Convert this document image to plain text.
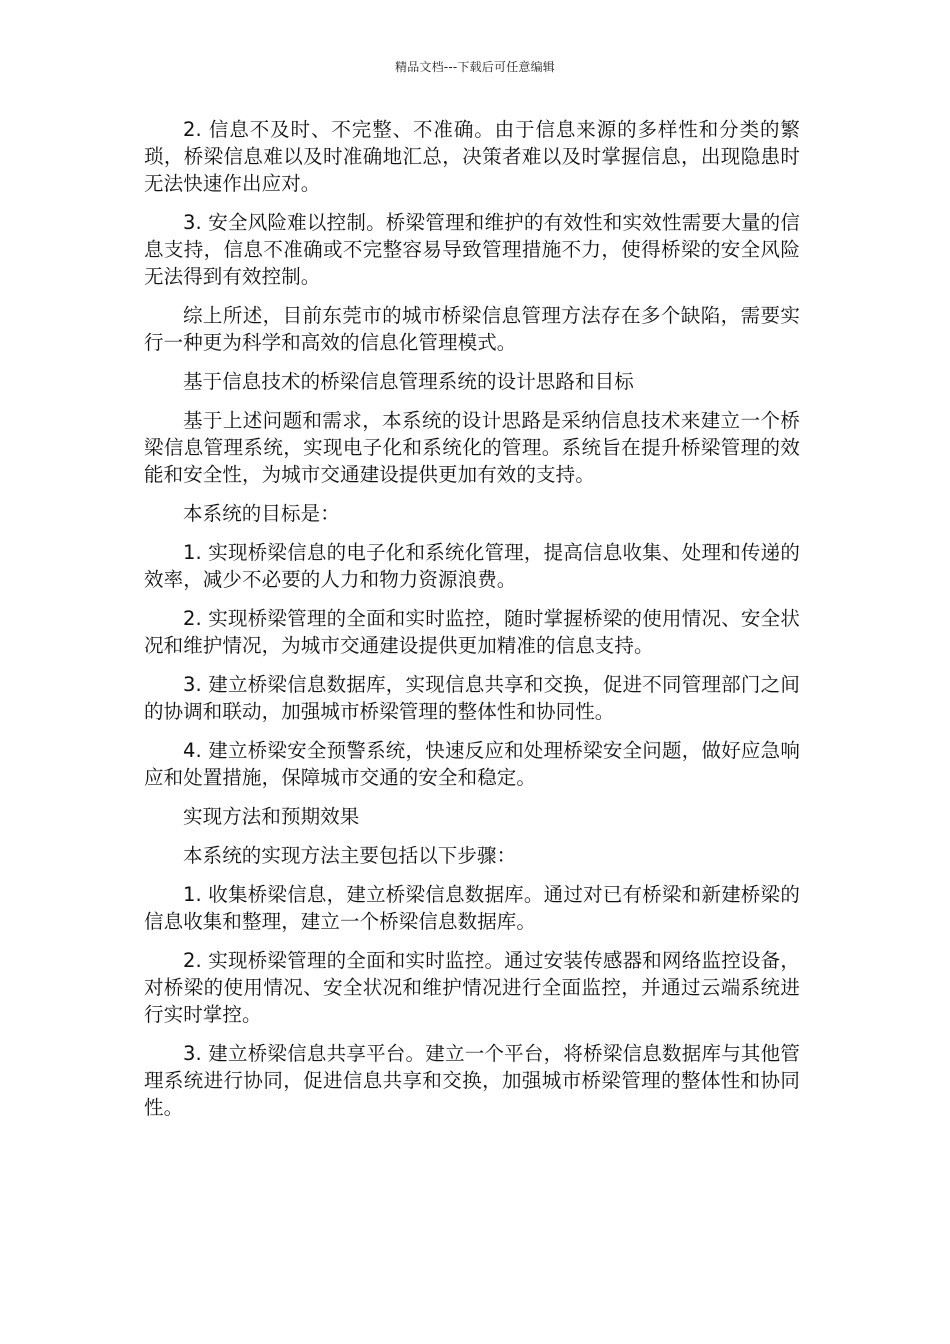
精品文档---下载后可任意编辑

2. 信息不及时、不完整、不准确。由于信息来源的多样性和分类的繁琐，桥梁信息难以及时准确地汇总，决策者难以及时掌握信息，出现隐患时无法快速作出应对。

3. 安全风险难以控制。桥梁管理和维护的有效性和实效性需要大量的信息支持，信息不准确或不完整容易导致管理措施不力，使得桥梁的安全风险无法得到有效控制。

综上所述，目前东莞市的城市桥梁信息管理方法存在多个缺陷，需要实行一种更为科学和高效的信息化管理模式。

基于信息技术的桥梁信息管理系统的设计思路和目标

基于上述问题和需求，本系统的设计思路是采纳信息技术来建立一个桥梁信息管理系统，实现电子化和系统化的管理。系统旨在提升桥梁管理的效能和安全性，为城市交通建设提供更加有效的支持。

本系统的目标是：

1. 实现桥梁信息的电子化和系统化管理，提高信息收集、处理和传递的效率，减少不必要的人力和物力资源浪费。

2. 实现桥梁管理的全面和实时监控，随时掌握桥梁的使用情况、安全状况和维护情况，为城市交通建设提供更加精准的信息支持。

3. 建立桥梁信息数据库，实现信息共享和交换，促进不同管理部门之间的协调和联动，加强城市桥梁管理的整体性和协同性。

4. 建立桥梁安全预警系统，快速反应和处理桥梁安全问题，做好应急响应和处置措施，保障城市交通的安全和稳定。

实现方法和预期效果

本系统的实现方法主要包括以下步骤：

1. 收集桥梁信息，建立桥梁信息数据库。通过对已有桥梁和新建桥梁的信息收集和整理，建立一个桥梁信息数据库。

2. 实现桥梁管理的全面和实时监控。通过安装传感器和网络监控设备，对桥梁的使用情况、安全状况和维护情况进行全面监控，并通过云端系统进行实时掌控。

3. 建立桥梁信息共享平台。建立一个平台，将桥梁信息数据库与其他管理系统进行协同，促进信息共享和交换，加强城市桥梁管理的整体性和协同性。
